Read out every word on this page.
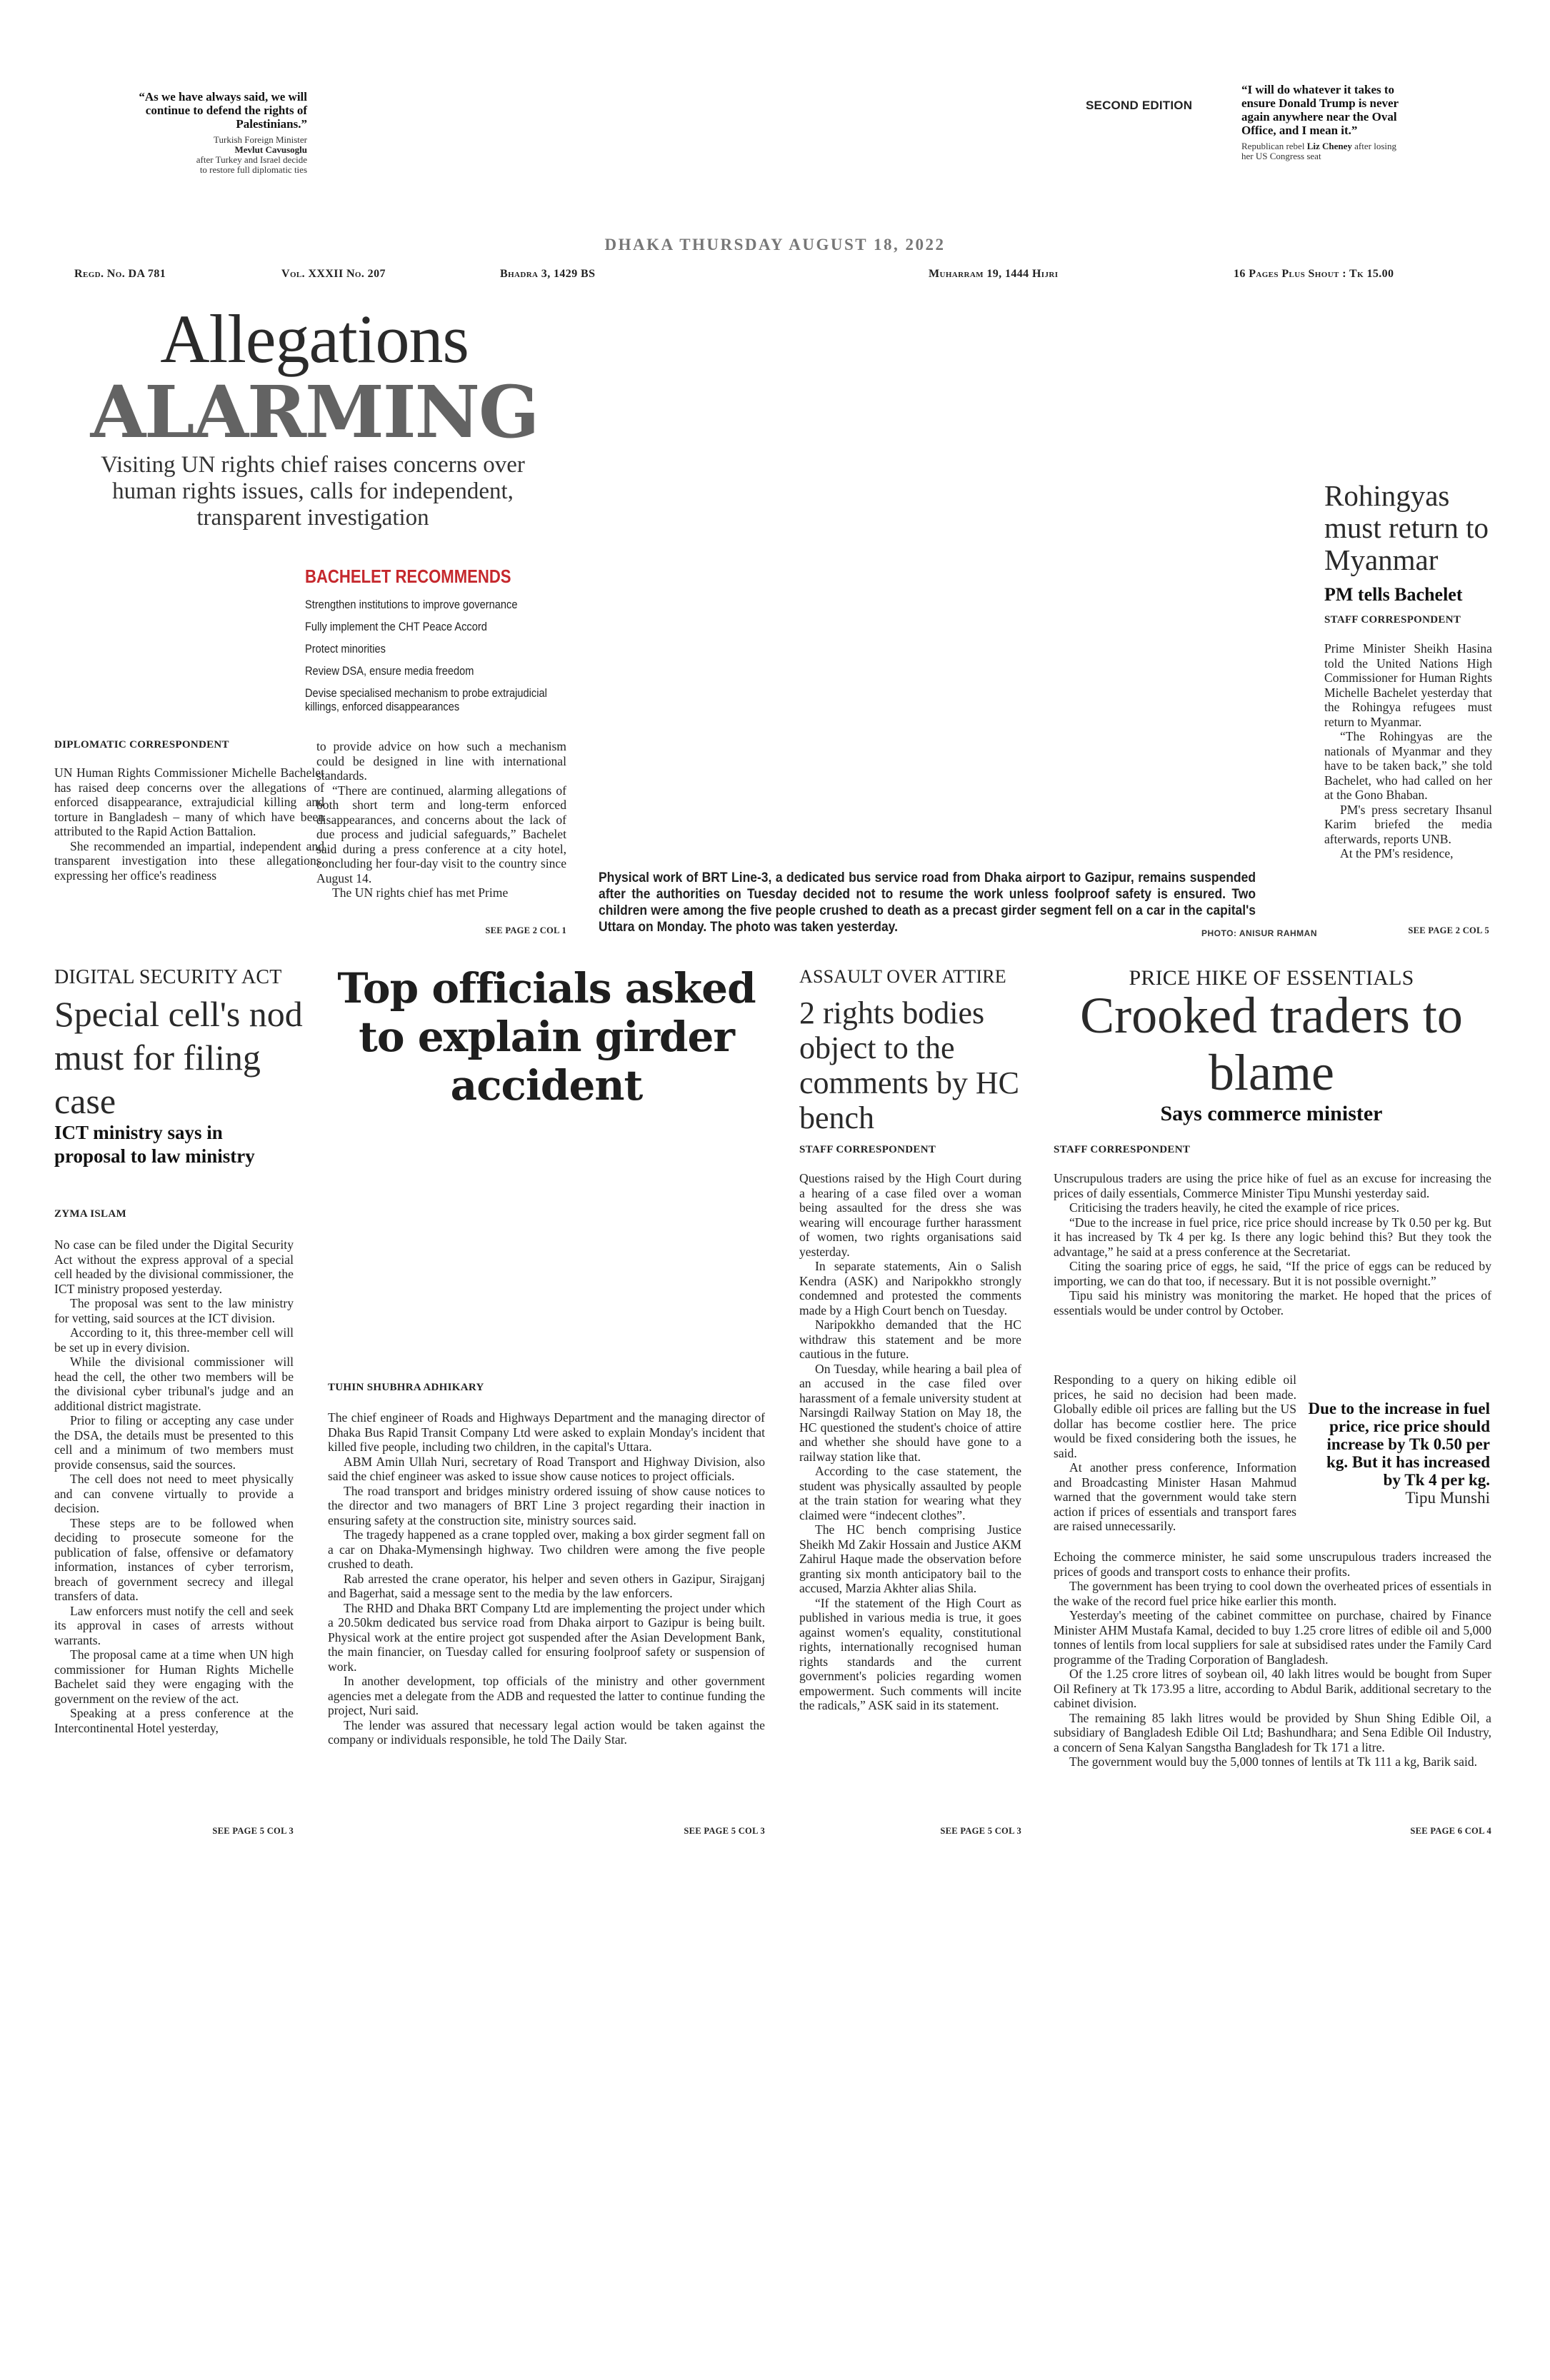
“As we have always said, we will continue to defend the rights of Palestinians.”
Turkish Foreign Minister
Mevlut Cavusoglu
after Turkey and Israel decide to restore full diplomatic ties
SECOND EDITION
“I will do whatever it takes to ensure Donald Trump is never again anywhere near the Oval Office, and I mean it.”
Republican rebel Liz Cheney after losing her US Congress seat
DHAKA THURSDAY AUGUST 18, 2022
Regd. No. DA 781	Vol. XXXII No. 207	Bhadra 3, 1429 BS	Muharram 19, 1444 Hijri	16 Pages Plus Shout : Tk 15.00
Allegations
ALARMING
Visiting UN rights chief raises concerns over human rights issues, calls for independent, transparent investigation
BACHELET RECOMMENDS
Strengthen institutions to improve governance
Fully implement the CHT Peace Accord
Protect minorities
Review DSA, ensure media freedom
Devise specialised mechanism to probe extrajudicial killings, enforced disappearances
DIPLOMATIC CORRESPONDENT

UN Human Rights Commissioner Michelle Bachelet has raised deep concerns over the allegations of enforced disappearance, extrajudicial killing and torture in Bangladesh – many of which have been attributed to the Rapid Action Battalion.

She recommended an impartial, independent and transparent investigation into these allegations, expressing her office's readiness

to provide advice on how such a mechanism could be designed in line with international standards.

“There are continued, alarming allegations of both short term and long-term enforced disappearances, and concerns about the lack of due process and judicial safeguards,” Bachelet said during a press conference at a city hotel, concluding her four-day visit to the country since August 14.

The UN rights chief has met Prime

SEE PAGE 2 COL 1
Physical work of BRT Line-3, a dedicated bus service road from Dhaka airport to Gazipur, remains suspended after the authorities on Tuesday decided not to resume the work unless foolproof safety is ensured. Two children were among the five people crushed to death as a precast girder segment fell on a car in the capital's Uttara on Monday. The photo was taken yesterday.	PHOTO: ANISUR RAHMAN
Rohingyas must return to Myanmar
PM tells Bachelet
STAFF CORRESPONDENT

Prime Minister Sheikh Hasina told the United Nations High Commissioner for Human Rights Michelle Bachelet yesterday that the Rohingya refugees must return to Myanmar.

“The Rohingyas are the nationals of Myanmar and they have to be taken back,” she told Bachelet, who had called on her at the Gono Bhaban.

PM's press secretary Ihsanul Karim briefed the media afterwards, reports UNB.

At the PM's residence,

SEE PAGE 2 COL 5
DIGITAL SECURITY ACT
Special cell's nod must for filing case
ICT ministry says in proposal to law ministry
ZYMA ISLAM

No case can be filed under the Digital Security Act without the express approval of a special cell headed by the divisional commissioner, the ICT ministry proposed yesterday.

The proposal was sent to the law ministry for vetting, said sources at the ICT division.

According to it, this three-member cell will be set up in every division.

While the divisional commissioner will head the cell, the other two members will be the divisional cyber tribunal's judge and an additional district magistrate.

Prior to filing or accepting any case under the DSA, the details must be presented to this cell and a minimum of two members must provide consensus, said the sources.

The cell does not need to meet physically and can convene virtually to provide a decision.

These steps are to be followed when deciding to prosecute someone for the publication of false, offensive or defamatory information, instances of cyber terrorism, breach of government secrecy and illegal transfers of data.

Law enforcers must notify the cell and seek its approval in cases of arrests without warrants.

The proposal came at a time when UN high commissioner for Human Rights Michelle Bachelet said they were engaging with the government on the review of the act.

Speaking at a press conference at the Intercontinental Hotel yesterday,

SEE PAGE 5 COL 3
Top officials asked to explain girder accident
TUHIN SHUBHRA ADHIKARY

The chief engineer of Roads and Highways Department and the managing director of Dhaka Bus Rapid Transit Company Ltd were asked to explain Monday's incident that killed five people, including two children, in the capital's Uttara.

ABM Amin Ullah Nuri, secretary of Road Transport and Highway Division, also said the chief engineer was asked to issue show cause notices to project officials.

The road transport and bridges ministry ordered issuing of show cause notices to the director and two managers of BRT Line 3 project regarding their inaction in ensuring safety at the construction site, ministry sources said.

The tragedy happened as a crane toppled over, making a box girder segment fall on a car on Dhaka-Mymensingh highway. Two children were among the five people crushed to death.

Rab arrested the crane operator, his helper and seven others in Gazipur, Sirajganj and Bagerhat, said a message sent to the media by the law enforcers.

The RHD and Dhaka BRT Company Ltd are implementing the project under which a 20.50km dedicated bus service road from Dhaka airport to Gazipur is being built. Physical work at the entire project got suspended after the Asian Development Bank, the main financier, on Tuesday called for ensuring foolproof safety or suspension of work.

In another development, top officials of the ministry and other government agencies met a delegate from the ADB and requested the latter to continue funding the project, Nuri said.

The lender was assured that necessary legal action would be taken against the company or individuals responsible, he told The Daily Star.

SEE PAGE 5 COL 3
ASSAULT OVER ATTIRE
2 rights bodies object to the comments by HC bench
STAFF CORRESPONDENT

Questions raised by the High Court during a hearing of a case filed over a woman being assaulted for the dress she was wearing will encourage further harassment of women, two rights organisations said yesterday.

In separate statements, Ain o Salish Kendra (ASK) and Naripokkho strongly condemned and protested the comments made by a High Court bench on Tuesday.

Naripokkho demanded that the HC withdraw this statement and be more cautious in the future.

On Tuesday, while hearing a bail plea of an accused in the case filed over harassment of a female university student at Narsingdi Railway Station on May 18, the HC questioned the student's choice of attire and whether she should have gone to a railway station like that.

According to the case statement, the student was physically assaulted by people at the train station for wearing what they claimed were “indecent clothes”.

The HC bench comprising Justice Sheikh Md Zakir Hossain and Justice AKM Zahirul Haque made the observation before granting six month anticipatory bail to the accused, Marzia Akhter alias Shila.

“If the statement of the High Court as published in various media is true, it goes against women's equality, constitutional rights, internationally recognised human rights standards and the current government's policies regarding women empowerment. Such comments will incite the radicals,” ASK said in its statement.

SEE PAGE 5 COL 3
PRICE HIKE OF ESSENTIALS
Crooked traders to blame
Says commerce minister
STAFF CORRESPONDENT

Unscrupulous traders are using the price hike of fuel as an excuse for increasing the prices of daily essentials, Commerce Minister Tipu Munshi yesterday said.

Criticising the traders heavily, he cited the example of rice prices.

“Due to the increase in fuel price, rice price should increase by Tk 0.50 per kg. But it has increased by Tk 4 per kg. Is there any logic behind this? But they took the advantage,” he said at a press conference at the Secretariat.

Citing the soaring price of eggs, he said, “If the price of eggs can be reduced by importing, we can do that too, if necessary. But it is not possible overnight.”

Tipu said his ministry was monitoring the market. He hoped that the prices of essentials would be under control by October.

Responding to a query on hiking edible oil prices, he said no decision had been made. Globally edible oil prices are falling but the US dollar has become costlier here. The price would be fixed considering both the issues, he said.

At another press conference, Information and Broadcasting Minister Hasan Mahmud warned that the government would take stern action if prices of essentials and transport fares are raised unnecessarily.

Due to the increase in fuel price, rice price should increase by Tk 0.50 per kg. But it has increased by Tk 4 per kg.
Tipu Munshi

Echoing the commerce minister, he said some unscrupulous traders increased the prices of goods and transport costs to enhance their profits.

The government has been trying to cool down the overheated prices of essentials in the wake of the record fuel price hike earlier this month.

Yesterday's meeting of the cabinet committee on purchase, chaired by Finance Minister AHM Mustafa Kamal, decided to buy 1.25 crore litres of edible oil and 5,000 tonnes of lentils from local suppliers for sale at subsidised rates under the Family Card programme of the Trading Corporation of Bangladesh.

Of the 1.25 crore litres of soybean oil, 40 lakh litres would be bought from Super Oil Refinery at Tk 173.95 a litre, according to Abdul Barik, additional secretary to the cabinet division.

The remaining 85 lakh litres would be provided by Shun Shing Edible Oil, a subsidiary of Bangladesh Edible Oil Ltd; Bashundhara; and Sena Edible Oil Industry, a concern of Sena Kalyan Sangstha Bangladesh for Tk 171 a litre.

The government would buy the 5,000 tonnes of lentils at Tk 111 a kg, Barik said.

SEE PAGE 6 COL 4
